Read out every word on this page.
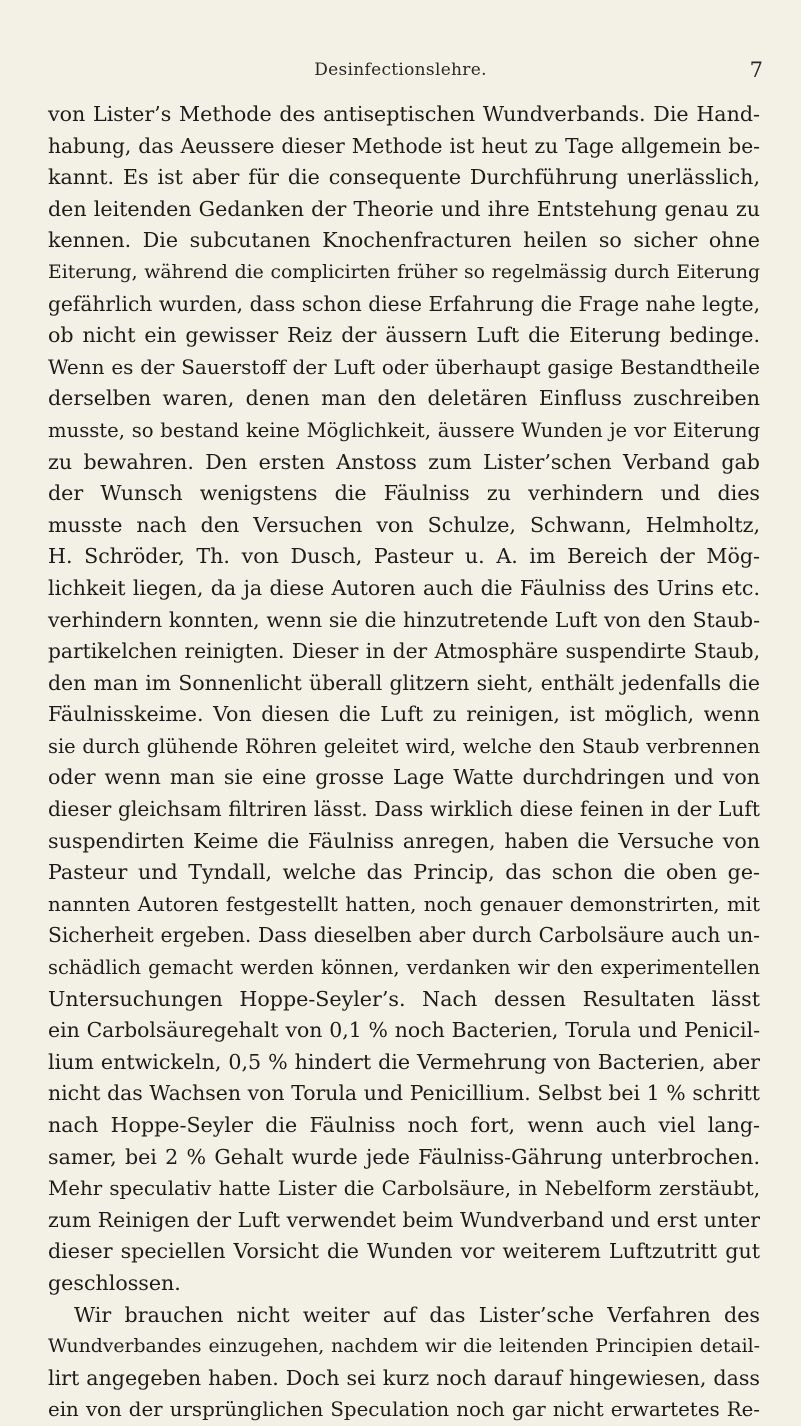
Desinfectionslehre.	7
von Lister’s Methode des antiseptischen Wundverbands. Die Hand-
habung, das Aeussere dieser Methode ist heut zu Tage allgemein be-
kannt. Es ist aber für die consequente Durchführung unerlässlich,
den leitenden Gedanken der Theorie und ihre Entstehung genau zu
kennen. Die subcutanen Knochenfracturen heilen so sicher ohne
Eiterung, während die complicirten früher so regelmässig durch Eiterung
gefährlich wurden, dass schon diese Erfahrung die Frage nahe legte,
ob nicht ein gewisser Reiz der äussern Luft die Eiterung bedinge.
Wenn es der Sauerstoff der Luft oder überhaupt gasige Bestandtheile
derselben waren, denen man den deletären Einfluss zuschreiben
musste, so bestand keine Möglichkeit, äussere Wunden je vor Eiterung
zu bewahren. Den ersten Anstoss zum Lister’schen Verband gab
der Wunsch wenigstens die Fäulniss zu verhindern und dies
musste nach den Versuchen von Schulze, Schwann, Helmholtz,
H. Schröder, Th. von Dusch, Pasteur u. A. im Bereich der Mög-
lichkeit liegen, da ja diese Autoren auch die Fäulniss des Urins etc.
verhindern konnten, wenn sie die hinzutretende Luft von den Staub-
partikelchen reinigten. Dieser in der Atmosphäre suspendirte Staub,
den man im Sonnenlicht überall glitzern sieht, enthält jedenfalls die
Fäulnisskeime. Von diesen die Luft zu reinigen, ist möglich, wenn
sie durch glühende Röhren geleitet wird, welche den Staub verbrennen
oder wenn man sie eine grosse Lage Watte durchdringen und von
dieser gleichsam filtriren lässt. Dass wirklich diese feinen in der Luft
suspendirten Keime die Fäulniss anregen, haben die Versuche von
Pasteur und Tyndall, welche das Princip, das schon die oben ge-
nannten Autoren festgestellt hatten, noch genauer demonstrirten, mit
Sicherheit ergeben. Dass dieselben aber durch Carbolsäure auch un-
schädlich gemacht werden können, verdanken wir den experimentellen
Untersuchungen Hoppe-Seyler’s. Nach dessen Resultaten lässt
ein Carbolsäuregehalt von 0,1 % noch Bacterien, Torula und Penicil-
lium entwickeln, 0,5 % hindert die Vermehrung von Bacterien, aber
nicht das Wachsen von Torula und Penicillium. Selbst bei 1 % schritt
nach Hoppe-Seyler die Fäulniss noch fort, wenn auch viel lang-
samer, bei 2 % Gehalt wurde jede Fäulniss-Gährung unterbrochen.
Mehr speculativ hatte Lister die Carbolsäure, in Nebelform zerstäubt,
zum Reinigen der Luft verwendet beim Wundverband und erst unter
dieser speciellen Vorsicht die Wunden vor weiterem Luftzutritt gut
geschlossen.
Wir brauchen nicht weiter auf das Lister’sche Verfahren des
Wundverbandes einzugehen, nachdem wir die leitenden Principien detail-
lirt angegeben haben. Doch sei kurz noch darauf hingewiesen, dass
ein von der ursprünglichen Speculation noch gar nicht erwartetes Re-
